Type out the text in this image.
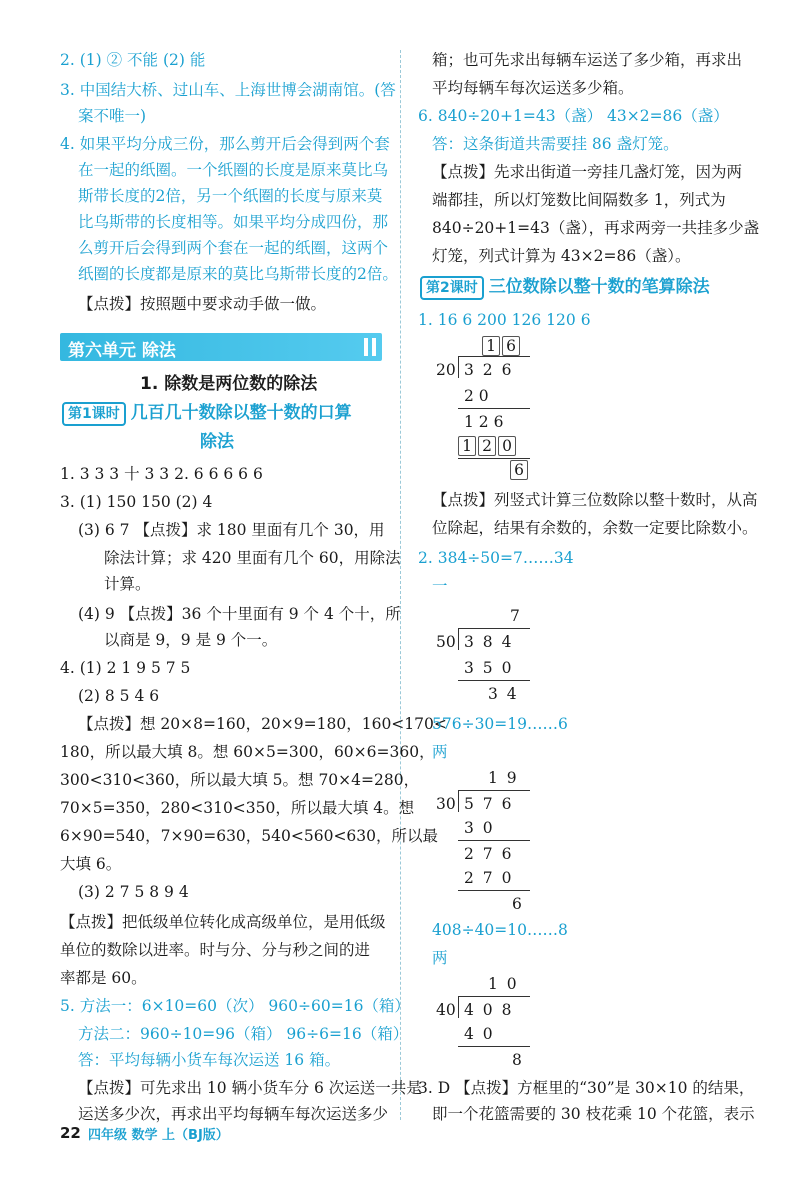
2. (1) ② 不能 (2) 能
3. 中国结大桥、过山车、上海世博会湖南馆。(答
案不唯一)
4. 如果平均分成三份，那么剪开后会得到两个套
在一起的纸圈。一个纸圈的长度是原来莫比乌
斯带长度的2倍，另一个纸圈的长度与原来莫
比乌斯带的长度相等。如果平均分成四份，那
么剪开后会得到两个套在一起的纸圈，这两个
纸圈的长度都是原来的莫比乌斯带长度的2倍。
【点拨】按照题中要求动手做一做。
第六单元 除法
1. 除数是两位数的除法
第1课时 几百几十数除以整十数的口算
除法
1. 3 3 3 十 3 3 2. 6 6 6 6 6
3. (1) 150 150 (2) 4
(3) 6 7 【点拨】求 180 里面有几个 30，用
除法计算；求 420 里面有几个 60，用除法
计算。
(4) 9 【点拨】36 个十里面有 9 个 4 个十，所
以商是 9，9 是 9 个一。
4. (1) 2 1 9 5 7 5
(2) 8 5 4 6
【点拨】想 20×8=160，20×9=180，160<170<
180，所以最大填 8。想 60×5=300，60×6=360，
300<310<360，所以最大填 5。想 70×4=280，
70×5=350，280<310<350，所以最大填 4。想
6×90=540，7×90=630，540<560<630，所以最
大填 6。
(3) 2 7 5 8 9 4
【点拨】把低级单位转化成高级单位，是用低级
单位的数除以进率。时与分、分与秒之间的进
率都是 60。
5. 方法一：6×10=60（次） 960÷60=16（箱）
方法二：960÷10=96（箱） 96÷6=16（箱）
答：平均每辆小货车每次运送 16 箱。
【点拨】可先求出 10 辆小货车分 6 次运送一共是
运送多少次，再求出平均每辆车每次运送多少
箱；也可先求出每辆车运送了多少箱，再求出
平均每辆车每次运送多少箱。
6. 840÷20+1=43（盏） 43×2=86（盏）
答：这条街道共需要挂 86 盏灯笼。
【点拨】先求出街道一旁挂几盏灯笼，因为两
端都挂，所以灯笼数比间隔数多 1，列式为
840÷20+1=43（盏），再求两旁一共挂多少盏
灯笼，列式计算为 43×2=86（盏）。
第2课时 三位数除以整十数的笔算除法
1. 16 6 200 126 120 6
1 6
20 3 2 6
2 0
1 2 6
1 2 0
6
【点拨】列竖式计算三位数除以整十数时，从高
位除起，结果有余数的，余数一定要比除数小。
2. 384÷50=7……34
一
7
50 3 8 4
3 5 0
3 4
576÷30=19……6
两
1 9
30 5 7 6
3 0
2 7 6
2 7 0
6
408÷40=10……8
两
1 0
40 4 0 8
4 0
8
3. D 【点拨】方框里的“30”是 30×10 的结果，
即一个花篮需要的 30 枝花乘 10 个花篮，表示
22 四年级 数学 上（BJ版）
